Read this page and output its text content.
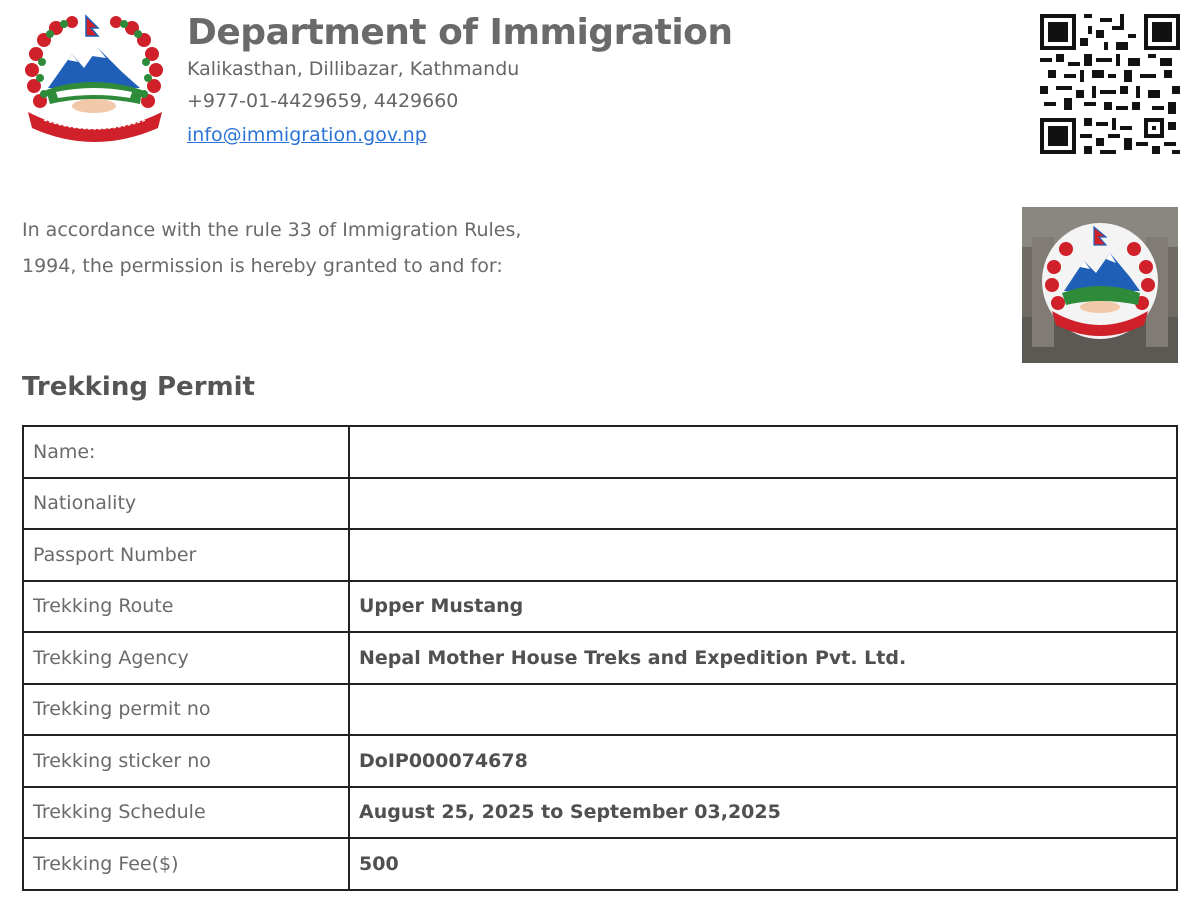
Department of Immigration
Kalikasthan, Dillibazar, Kathmandu
+977-01-4429659, 4429660
info@immigration.gov.np
In accordance with the rule 33 of Immigration Rules,
1994, the permission is hereby granted to and for:
Trekking Permit
Name:	
Nationality	
Passport Number	
Trekking Route	Upper Mustang
Trekking Agency	Nepal Mother House Treks and Expedition Pvt. Ltd.
Trekking permit no	
Trekking sticker no	DoIP000074678
Trekking Schedule	August 25, 2025 to September 03,2025
Trekking Fee($)	500
